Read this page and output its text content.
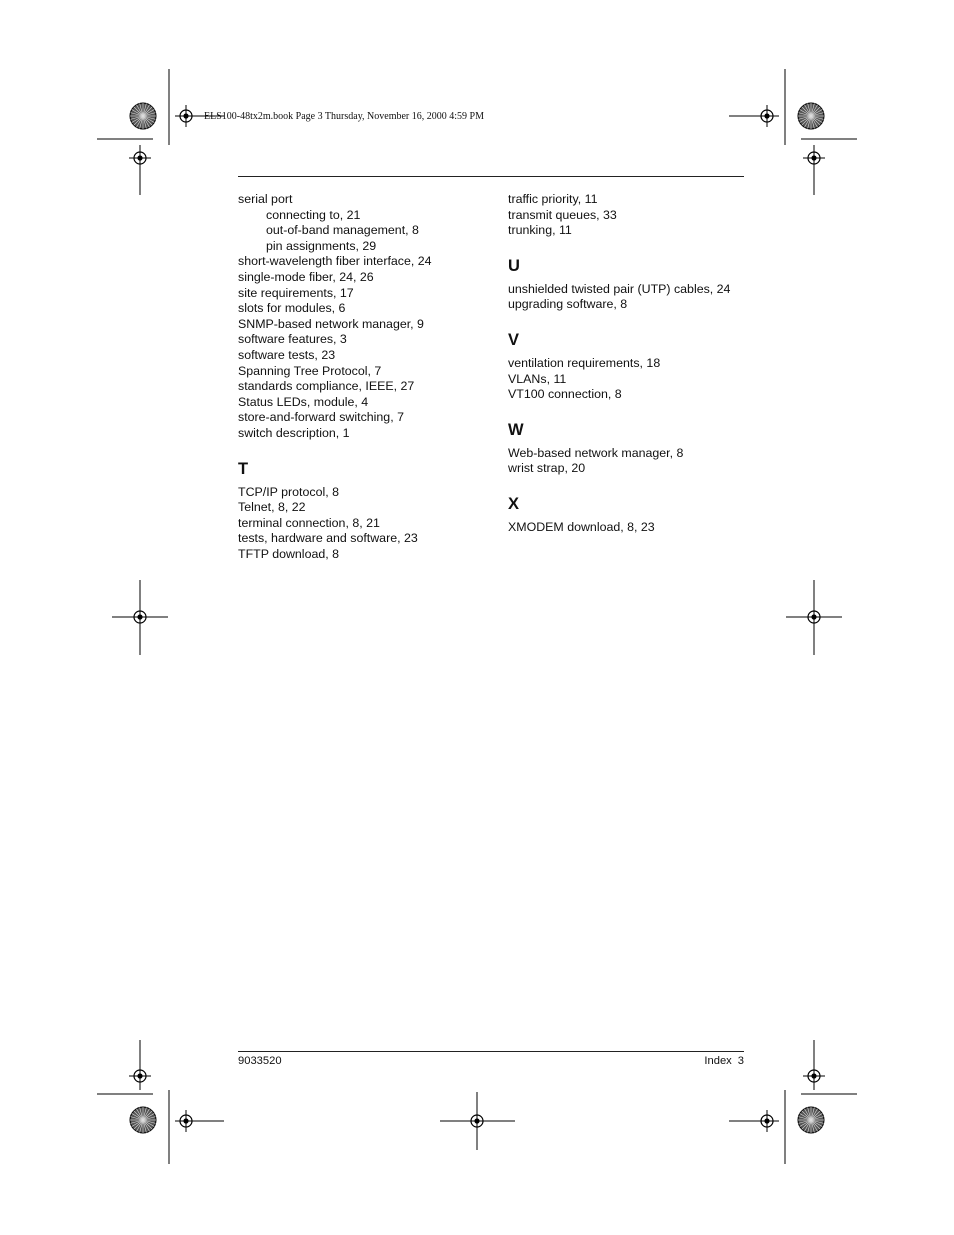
ELS100-48tx2m.book Page 3 Thursday, November 16, 2000 4:59 PM
serial port
connecting to, 21
out-of-band management, 8
pin assignments, 29
short-wavelength fiber interface, 24
single-mode fiber, 24, 26
site requirements, 17
slots for modules, 6
SNMP-based network manager, 9
software features, 3
software tests, 23
Spanning Tree Protocol, 7
standards compliance, IEEE, 27
Status LEDs, module, 4
store-and-forward switching, 7
switch description, 1
T
TCP/IP protocol, 8
Telnet, 8, 22
terminal connection, 8, 21
tests, hardware and software, 23
TFTP download, 8
traffic priority, 11
transmit queues, 33
trunking, 11
U
unshielded twisted pair (UTP) cables, 24
upgrading software, 8
V
ventilation requirements, 18
VLANs, 11
VT100 connection, 8
W
Web-based network manager, 8
wrist strap, 20
X
XMODEM download, 8, 23
9033520	Index 3
